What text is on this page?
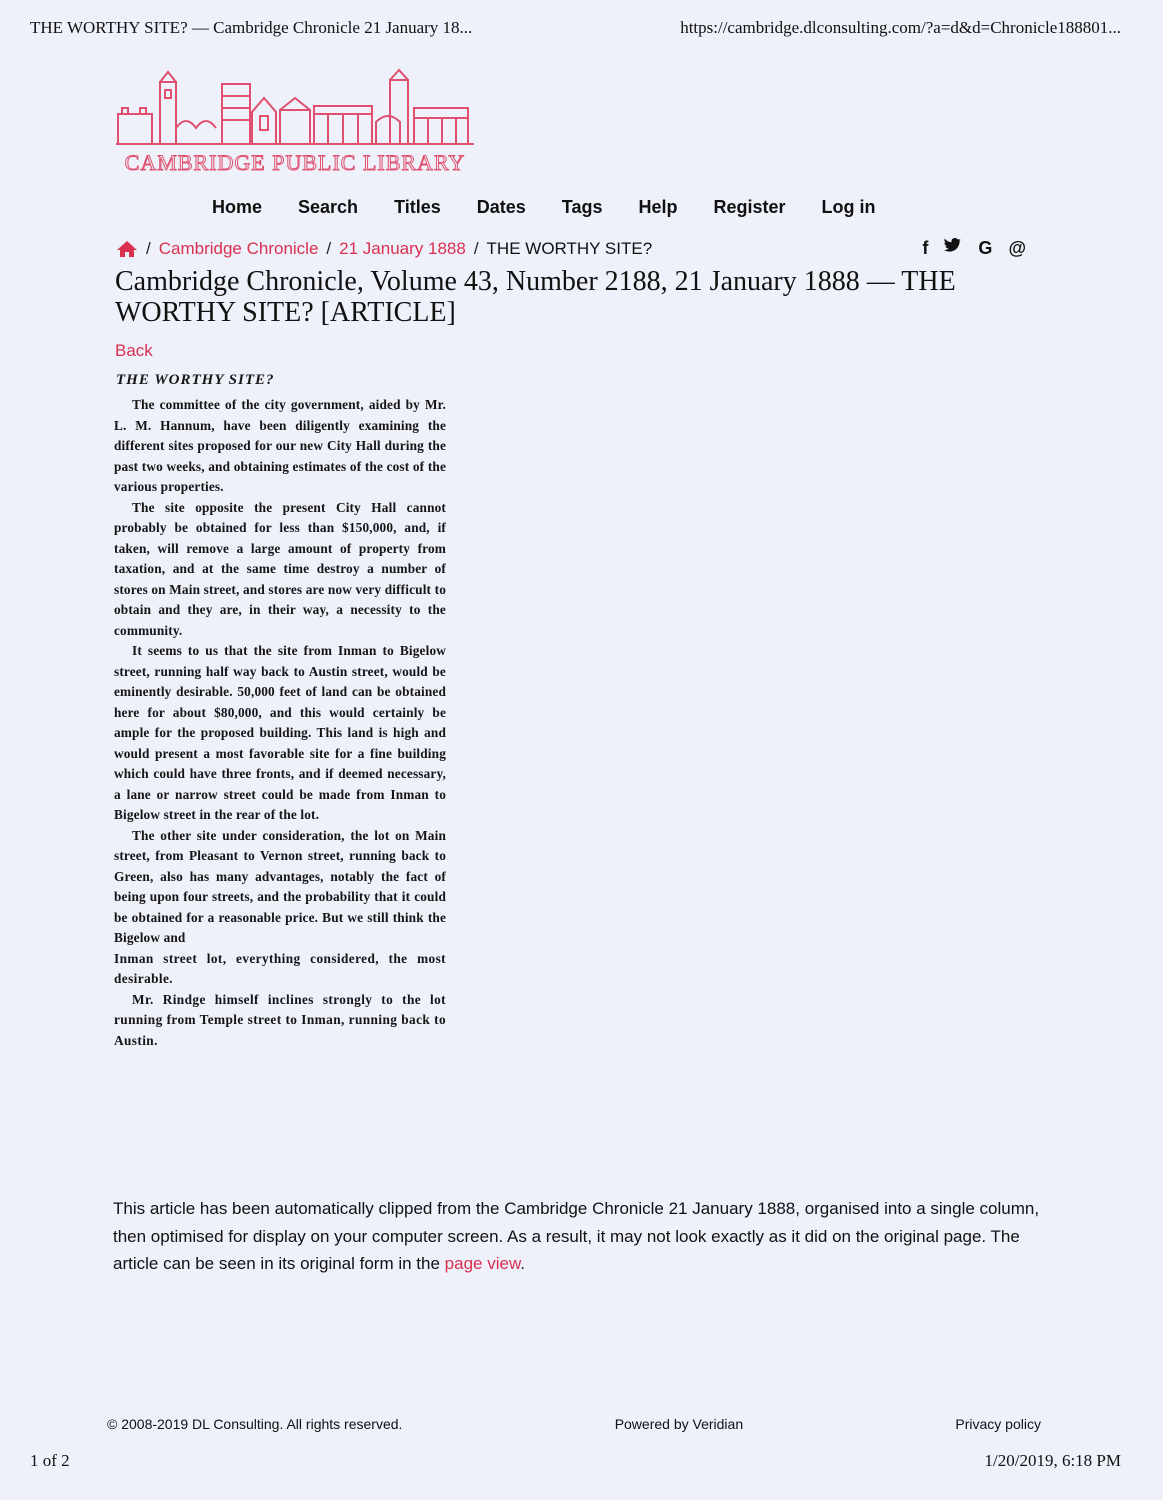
THE WORTHY SITE? — Cambridge Chronicle 21 January 18...	https://cambridge.dlconsulting.com/?a=d&d=Chronicle188801...
CAMBRIDGE PUBLIC LIBRARY
Home Search Titles Dates Tags Help Register Log in
/ Cambridge Chronicle / 21 January 1888 / THE WORTHY SITE?	f	G @
Cambridge Chronicle, Volume 43, Number 2188, 21 January 1888 — THE WORTHY SITE? [ARTICLE]
Back
THE WORTHY SITE?

The committee of the city government, aided by Mr. L. M. Hannum, have been diligently examining the different sites proposed for our new City Hall during the past two weeks, and obtaining estimates of the cost of the various properties.

The site opposite the present City Hall cannot probably be obtained for less than $150,000, and, if taken, will remove a large amount of property from taxation, and at the same time destroy a number of stores on Main street, and stores are now very difficult to obtain and they are, in their way, a necessity to the community.

It seems to us that the site from Inman to Bigelow street, running half way back to Austin street, would be eminently desirable. 50,000 feet of land can be obtained here for about $80,000, and this would certainly be ample for the proposed building. This land is high and would present a most favorable site for a fine building which could have three fronts, and if deemed necessary, a lane or narrow street could be made from Inman to Bigelow street in the rear of the lot.

The other site under consideration, the lot on Main street, from Pleasant to Vernon street, running back to Green, also has many advantages, notably the fact of being upon four streets, and the probability that it could be obtained for a reasonable price. But we still think the Bigelow and

Inman street lot, everything considered, the most desirable.

Mr. Rindge himself inclines strongly to the lot running from Temple street to Inman, running back to Austin.

This article has been automatically clipped from the Cambridge Chronicle 21 January 1888, organised into a single column, then optimised for display on your computer screen. As a result, it may not look exactly as it did on the original page. The article can be seen in its original form in the page view.
© 2008-2019 DL Consulting. All rights reserved.	Powered by Veridian	Privacy policy
1 of 2	1/20/2019, 6:18 PM
